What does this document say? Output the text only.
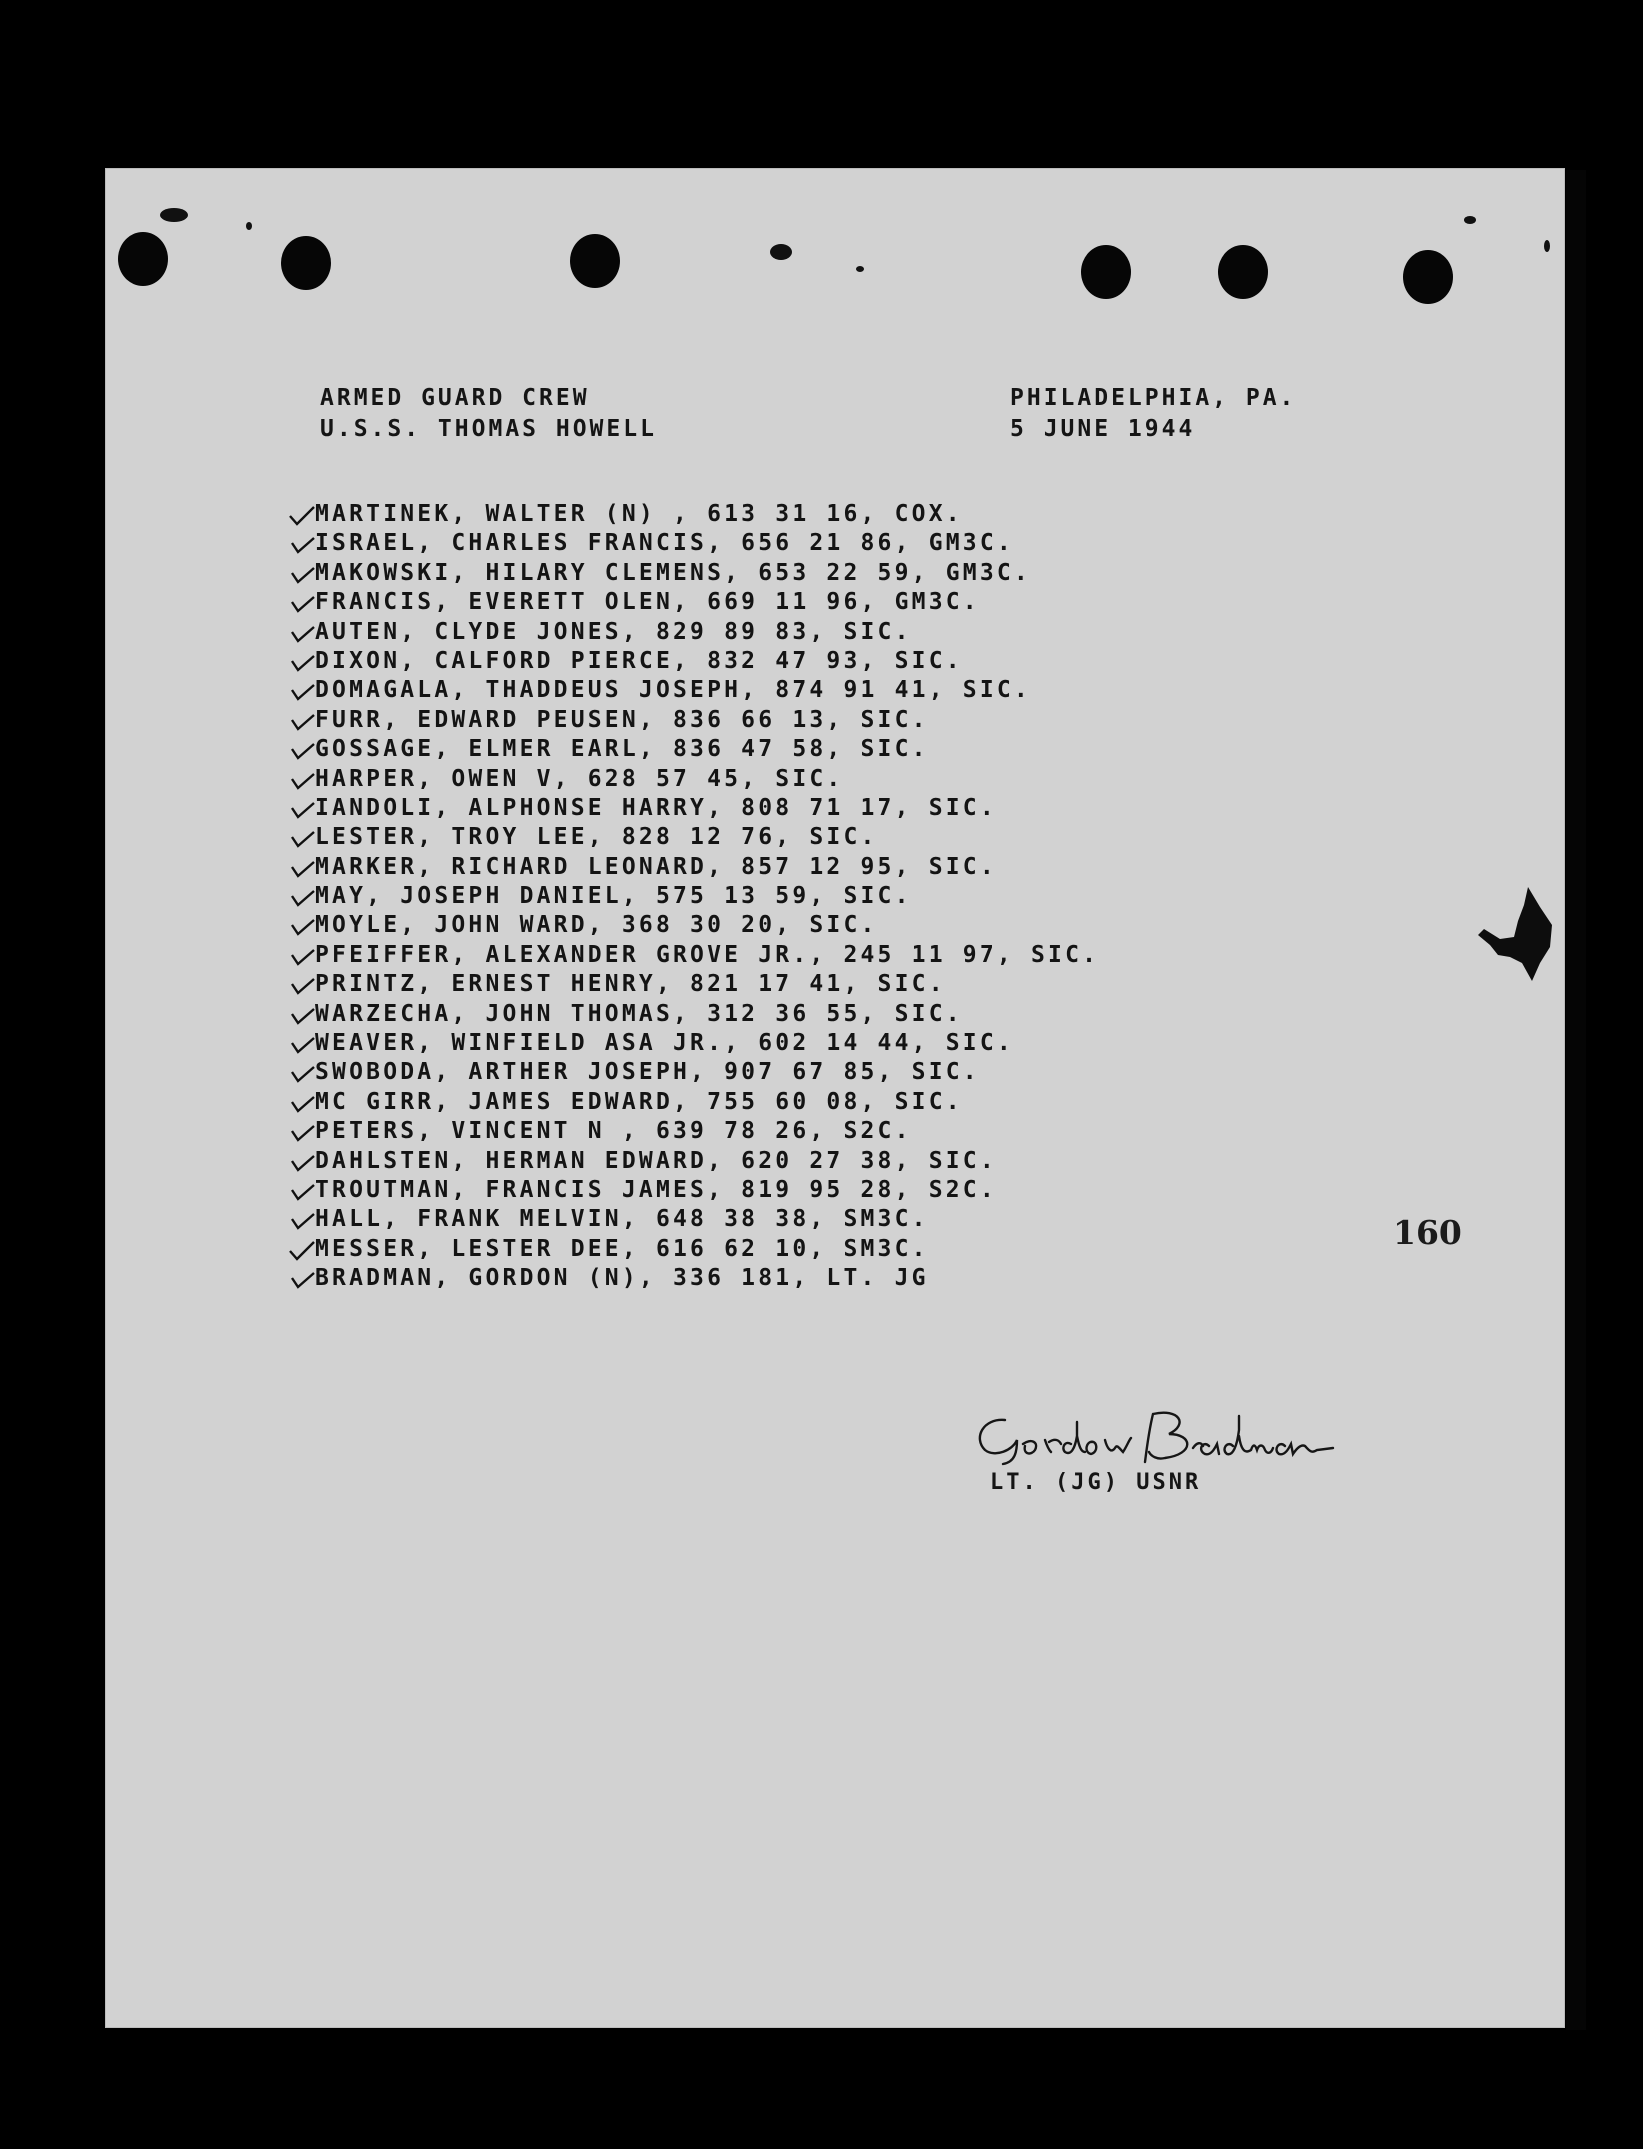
ARMED GUARD CREW
U.S.S. THOMAS HOWELL
PHILADELPHIA, PA.
5 JUNE 1944
MARTINEK, WALTER (N) , 613 31 16, COX.
ISRAEL, CHARLES FRANCIS, 656 21 86, GM3C.
MAKOWSKI, HILARY CLEMENS, 653 22 59, GM3C.
FRANCIS, EVERETT OLEN, 669 11 96, GM3C.
AUTEN, CLYDE JONES, 829 89 83, SIC.
DIXON, CALFORD PIERCE, 832 47 93, SIC.
DOMAGALA, THADDEUS JOSEPH, 874 91 41, SIC.
FURR, EDWARD PEUSEN, 836 66 13, SIC.
GOSSAGE, ELMER EARL, 836 47 58, SIC.
HARPER, OWEN V, 628 57 45, SIC.
IANDOLI, ALPHONSE HARRY, 808 71 17, SIC.
LESTER, TROY LEE, 828 12 76, SIC.
MARKER, RICHARD LEONARD, 857 12 95, SIC.
MAY, JOSEPH DANIEL, 575 13 59, SIC.
MOYLE, JOHN WARD, 368 30 20, SIC.
PFEIFFER, ALEXANDER GROVE JR., 245 11 97, SIC.
PRINTZ, ERNEST HENRY, 821 17 41, SIC.
WARZECHA, JOHN THOMAS, 312 36 55, SIC.
WEAVER, WINFIELD ASA JR., 602 14 44, SIC.
SWOBODA, ARTHER JOSEPH, 907 67 85, SIC.
MC GIRR, JAMES EDWARD, 755 60 08, SIC.
PETERS, VINCENT N , 639 78 26, S2C.
DAHLSTEN, HERMAN EDWARD, 620 27 38, SIC.
TROUTMAN, FRANCIS JAMES, 819 95 28, S2C.
HALL, FRANK MELVIN, 648 38 38, SM3C.
MESSER, LESTER DEE, 616 62 10, SM3C.
BRADMAN, GORDON (N), 336 181, LT. JG
160
LT. (JG) USNR
